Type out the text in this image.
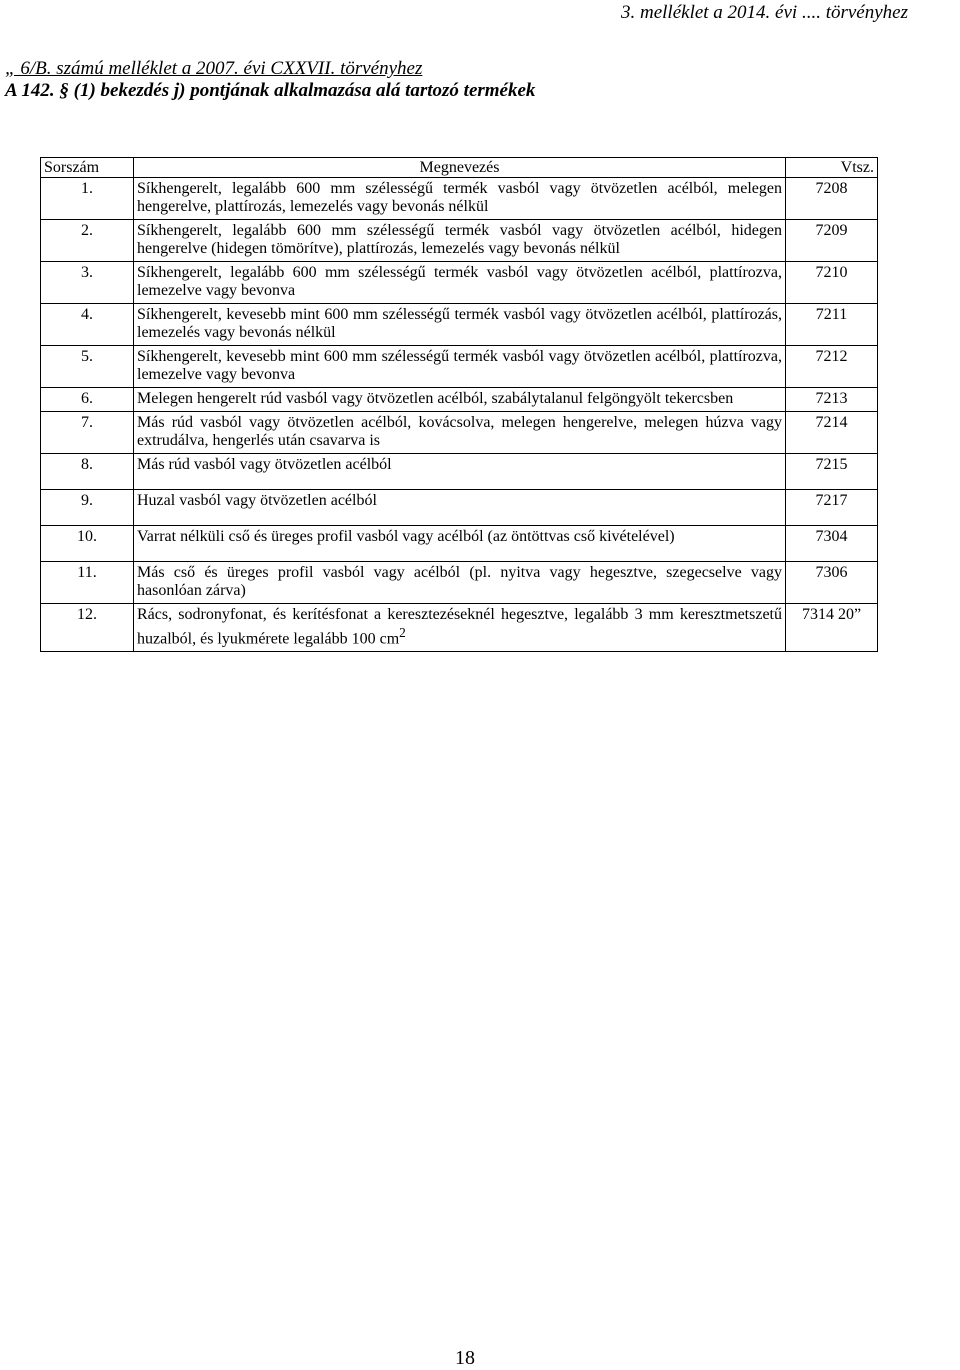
3. melléklet a 2014. évi .... törvényhez
„ 6/B. számú melléklet a 2007. évi CXXVII. törvényhez
A 142. § (1) bekezdés j) pontjának alkalmazása alá tartozó termékek
Sorszám	Megnevezés	Vtsz.
1.	Síkhengerelt, legalább 600 mm szélességű termék vasból vagy ötvözetlen acélból, melegen hengerelve, plattírozás, lemezelés vagy bevonás nélkül	7208
2.	Síkhengerelt, legalább 600 mm szélességű termék vasból vagy ötvözetlen acélból, hidegen hengerelve (hidegen tömörítve), plattírozás, lemezelés vagy bevonás nélkül	7209
3.	Síkhengerelt, legalább 600 mm szélességű termék vasból vagy ötvözetlen acélból, plattírozva, lemezelve vagy bevonva	7210
4.	Síkhengerelt, kevesebb mint 600 mm szélességű termék vasból vagy ötvözetlen acélból, plattírozás, lemezelés vagy bevonás nélkül	7211
5.	Síkhengerelt, kevesebb mint 600 mm szélességű termék vasból vagy ötvözetlen acélból, plattírozva, lemezelve vagy bevonva	7212
6.	Melegen hengerelt rúd vasból vagy ötvözetlen acélból, szabálytalanul felgöngyölt tekercsben	7213
7.	Más rúd vasból vagy ötvözetlen acélból, kovácsolva, melegen hengerelve, melegen húzva vagy extrudálva, hengerlés után csavarva is	7214
8.	Más rúd vasból vagy ötvözetlen acélból	7215
9.	Huzal vasból vagy ötvözetlen acélból	7217
10.	Varrat nélküli cső és üreges profil vasból vagy acélból (az öntöttvas cső kivételével)	7304
11.	Más cső és üreges profil vasból vagy acélból (pl. nyitva vagy hegesztve, szegecselve vagy hasonlóan zárva)	7306
12.	Rács, sodronyfonat, és kerítésfonat a keresztezéseknél hegesztve, legalább 3 mm keresztmetszetű huzalból, és lyukmérete legalább 100 $cm^2$	7314 20”
18
